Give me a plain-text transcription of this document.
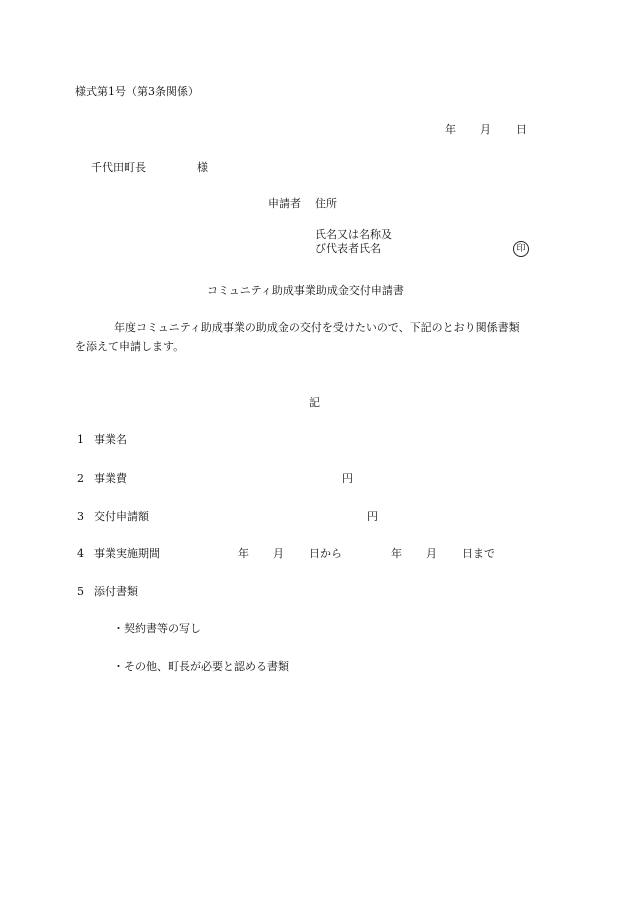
様式第1号（第3条関係）
年 月 日
千代田町長	様
申請者 住所
氏名又は名称及
び代表者氏名	印
コミュニティ助成事業助成金交付申請書
年度コミュニティ助成事業の助成金の交付を受けたいので、下記のとおり関係書類
を添えて申請します。
記
1 事業名
2 事業費	円
3 交付申請額	円
4 事業実施期間	年 月 日から	年 月 日まで
5 添付書類
・契約書等の写し
・その他、町長が必要と認める書類
